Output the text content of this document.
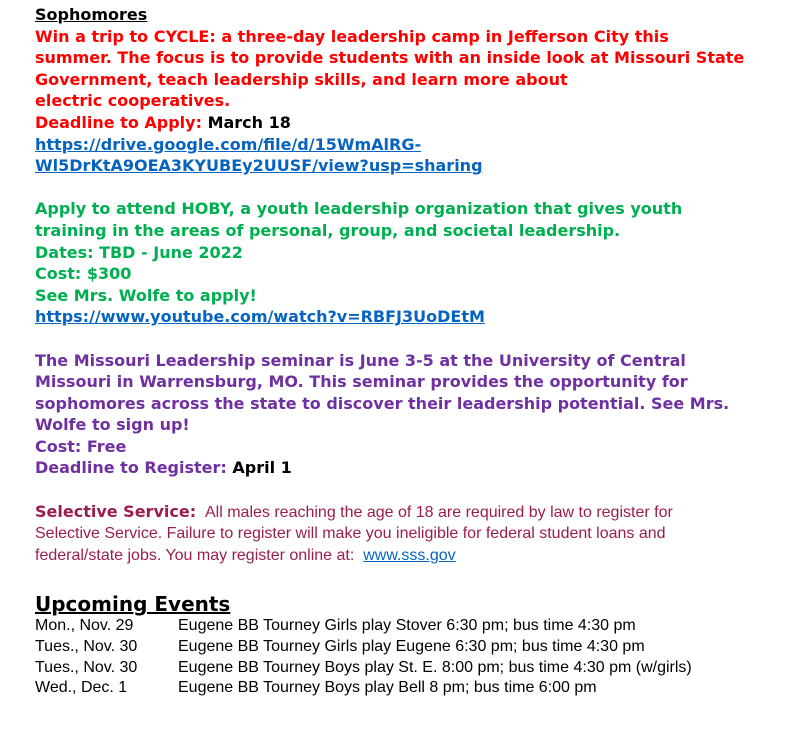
Sophomores
Win a trip to CYCLE: a three-day leadership camp in Jefferson City this
summer. The focus is to provide students with an inside look at Missouri State
Government, teach leadership skills, and learn more about
electric cooperatives.
Deadline to Apply: March 18
https://drive.google.com/file/d/15WmAlRG-
Wl5DrKtA9OEA3KYUBEy2UUSF/view?usp=sharing
Apply to attend HOBY, a youth leadership organization that gives youth
training in the areas of personal, group, and societal leadership.
Dates: TBD - June 2022
Cost: $300
See Mrs. Wolfe to apply!
https://www.youtube.com/watch?v=RBFJ3UoDEtM
The Missouri Leadership seminar is June 3-5 at the University of Central
Missouri in Warrensburg, MO. This seminar provides the opportunity for
sophomores across the state to discover their leadership potential. See Mrs.
Wolfe to sign up!
Cost: Free
Deadline to Register: April 1
Selective Service: All males reaching the age of 18 are required by law to register for
Selective Service. Failure to register will make you ineligible for federal student loans and
federal/state jobs. You may register online at: www.sss.gov
Upcoming Events
Mon., Nov. 29	Eugene BB Tourney Girls play Stover 6:30 pm; bus time 4:30 pm
Tues., Nov. 30	Eugene BB Tourney Girls play Eugene 6:30 pm; bus time 4:30 pm
Tues., Nov. 30	Eugene BB Tourney Boys play St. E. 8:00 pm; bus time 4:30 pm (w/girls)
Wed., Dec. 1	Eugene BB Tourney Boys play Bell 8 pm; bus time 6:00 pm
